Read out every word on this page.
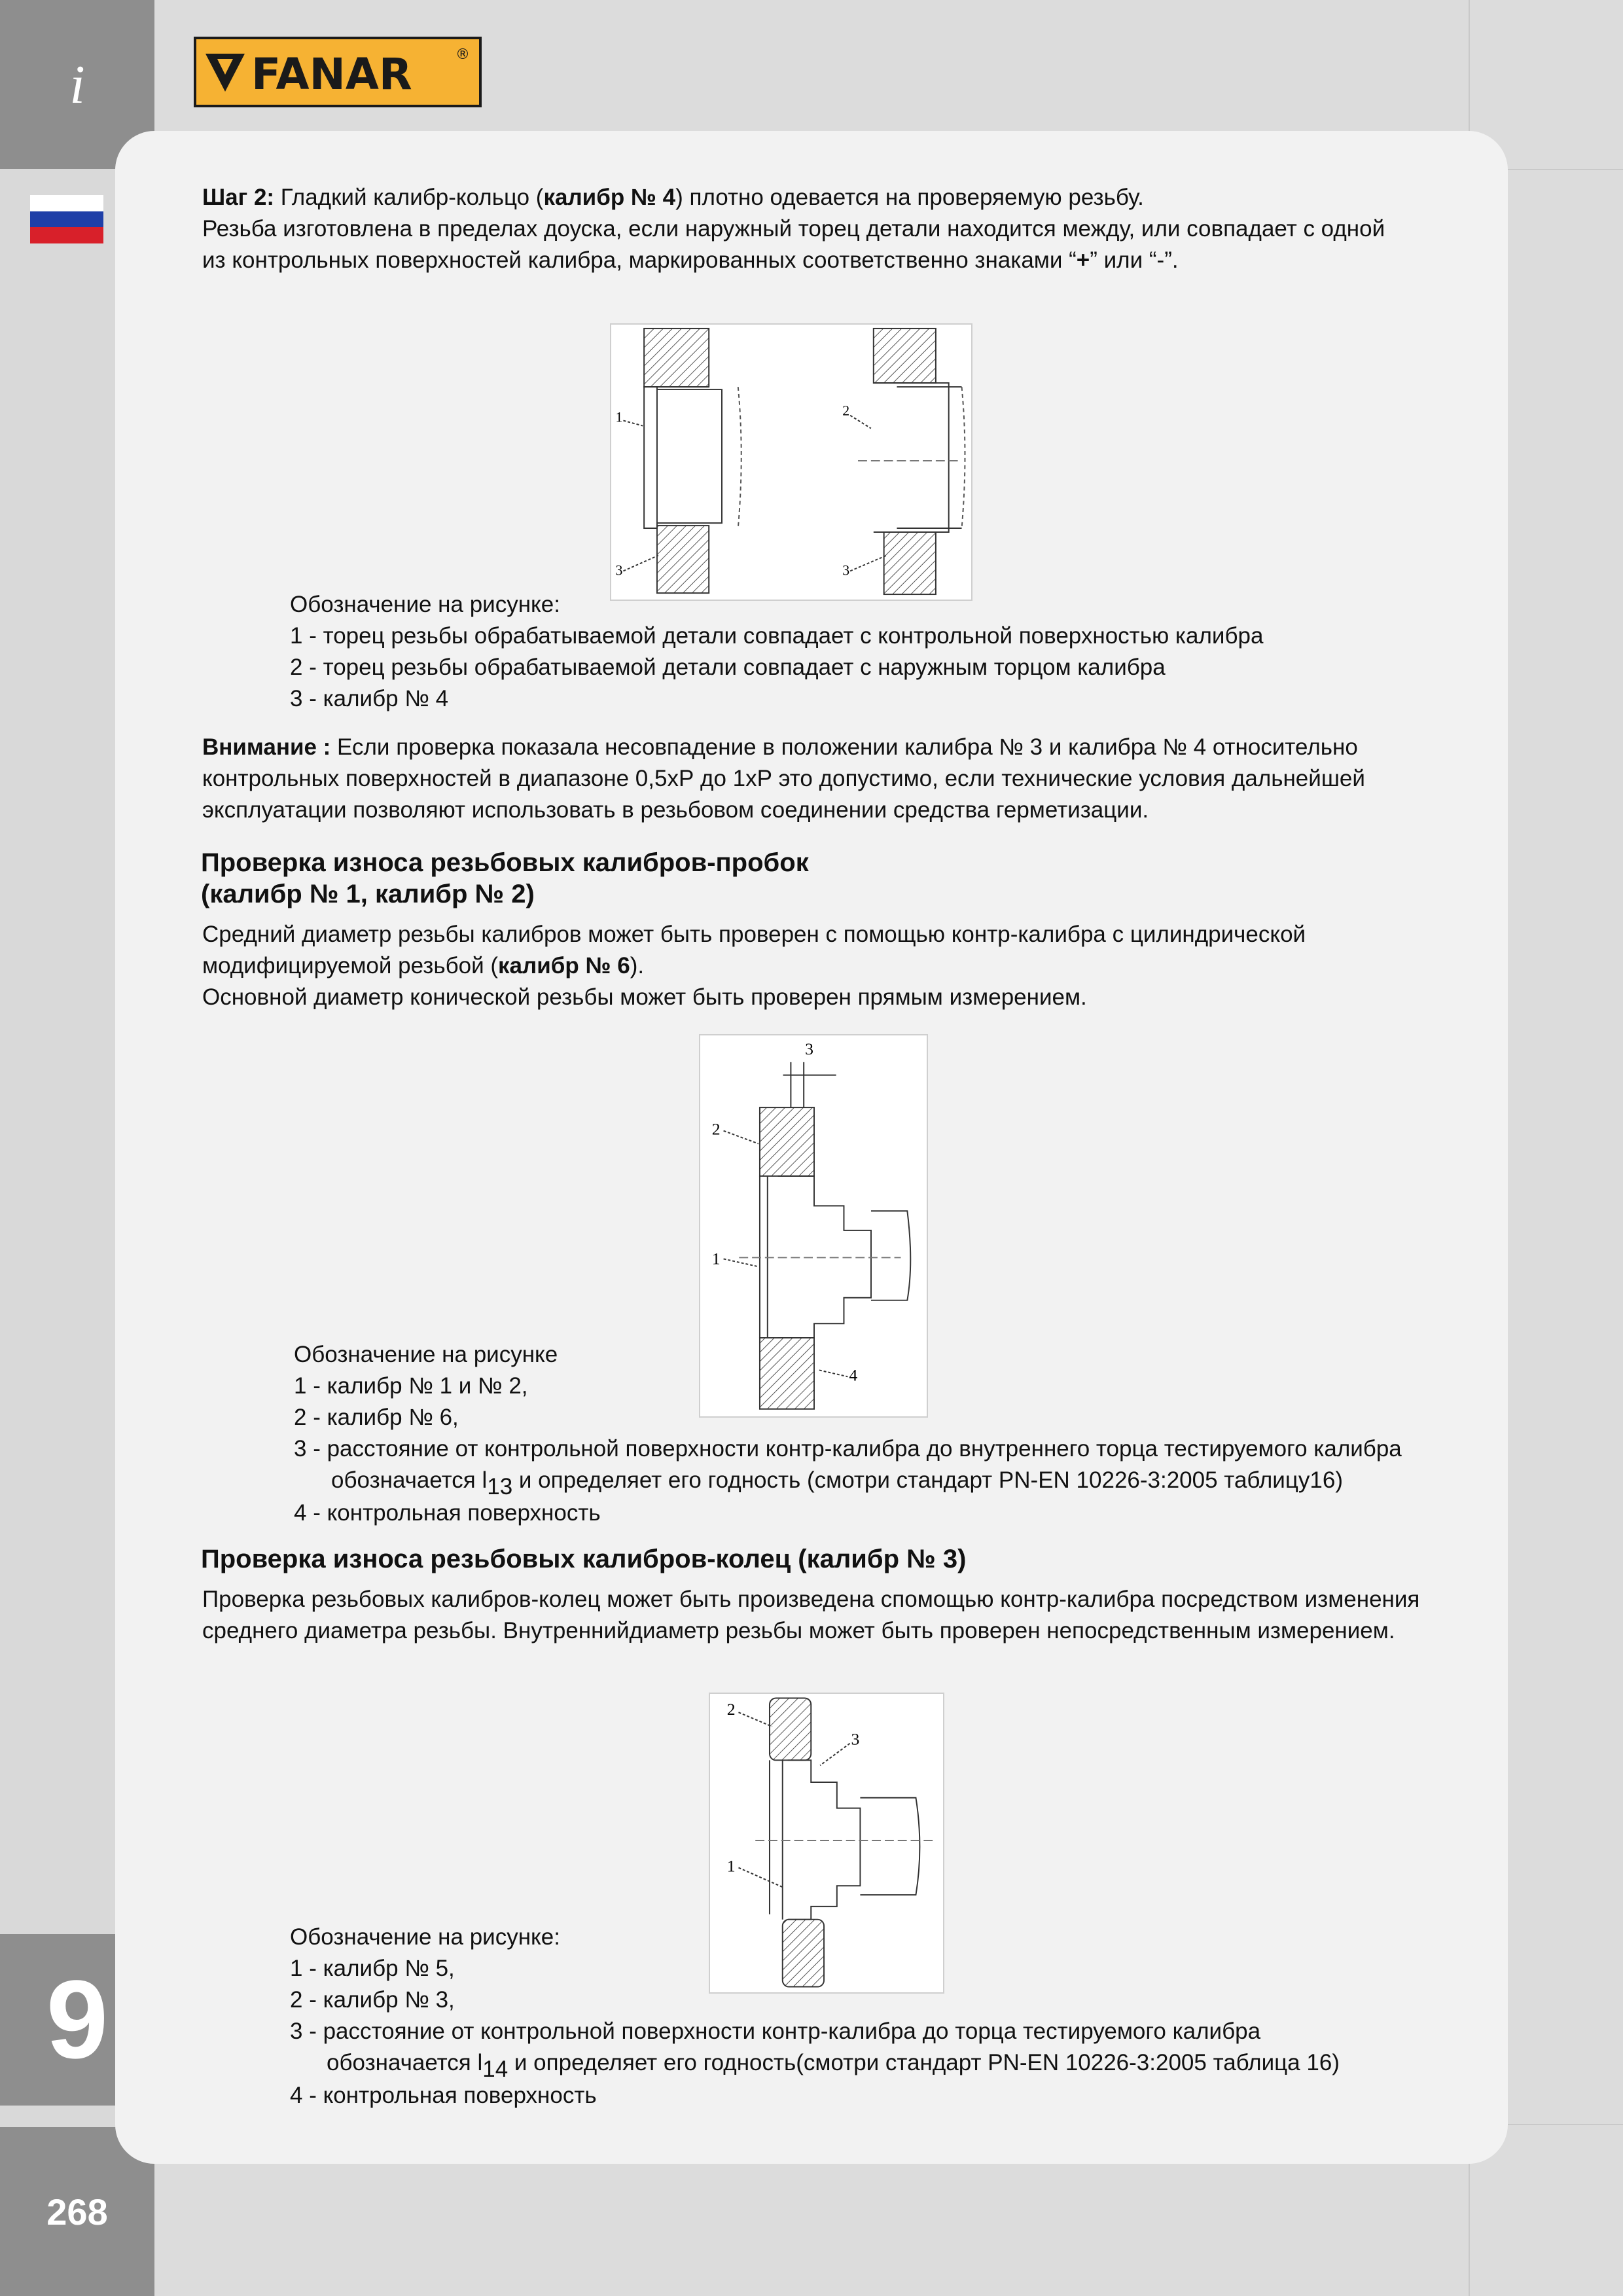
i
9
268
FANAR	®
Шаг 2: Гладкий калибр-кольцо (калибр № 4) плотно одевается на проверяемую резьбу.
Резьба изготовлена в пределах доуска, если наружный торец детали находится между, или совпадает с одной
из контрольных поверхностей калибра, маркированных соответственно знаками “+” или “-”.
1	2
3	3
Обозначение на рисунке:
1 - торец резьбы обрабатываемой детали совпадает с контрольной поверхностью калибра
2 - торец резьбы обрабатываемой детали совпадает с наружным торцом калибра
3 - калибр № 4
Внимание : Если проверка показала несовпадение в положении калибра № 3 и калибра № 4 относительно
контрольных поверхностей в диапазоне 0,5хР до 1хР это допустимо, если технические условия дальнейшей
эксплуатации позволяют использовать в резьбовом соединении средства герметизации.
Проверка износа резьбовых калибров-пробок
(калибр № 1, калибр № 2)
Средний диаметр резьбы калибров может быть проверен с помощью контр-калибра с цилиндрической
модифицируемой резьбой (калибр № 6).
Основной диаметр конической резьбы может быть проверен прямым измерением.
3
2
1
4
Обозначение на рисунке
1 - калибр № 1 и № 2,
2 - калибр № 6,
3 - расстояние от контрольной поверхности контр-калибра до внутреннего торца тестируемого калибра
обозначается l13 и определяет его годность (смотри стандарт PN-EN 10226-3:2005 таблицу16)
4 - контрольная поверхность
Проверка износа резьбовых калибров-колец (калибр № 3)
Проверка резьбовых калибров-колец может быть произведена спомощью контр-калибра посредством изменения
среднего диаметра резьбы. Внутреннийдиаметр резьбы может быть проверен непосредственным измерением.
2
3
1
Обозначение на рисунке:
1 - калибр № 5,
2 - калибр № 3,
3 - расстояние от контрольной поверхности контр-калибра до торца тестируемого калибра
обозначается l14 и определяет его годность(смотри стандарт PN-EN 10226-3:2005 таблица 16)
4 - контрольная поверхность
